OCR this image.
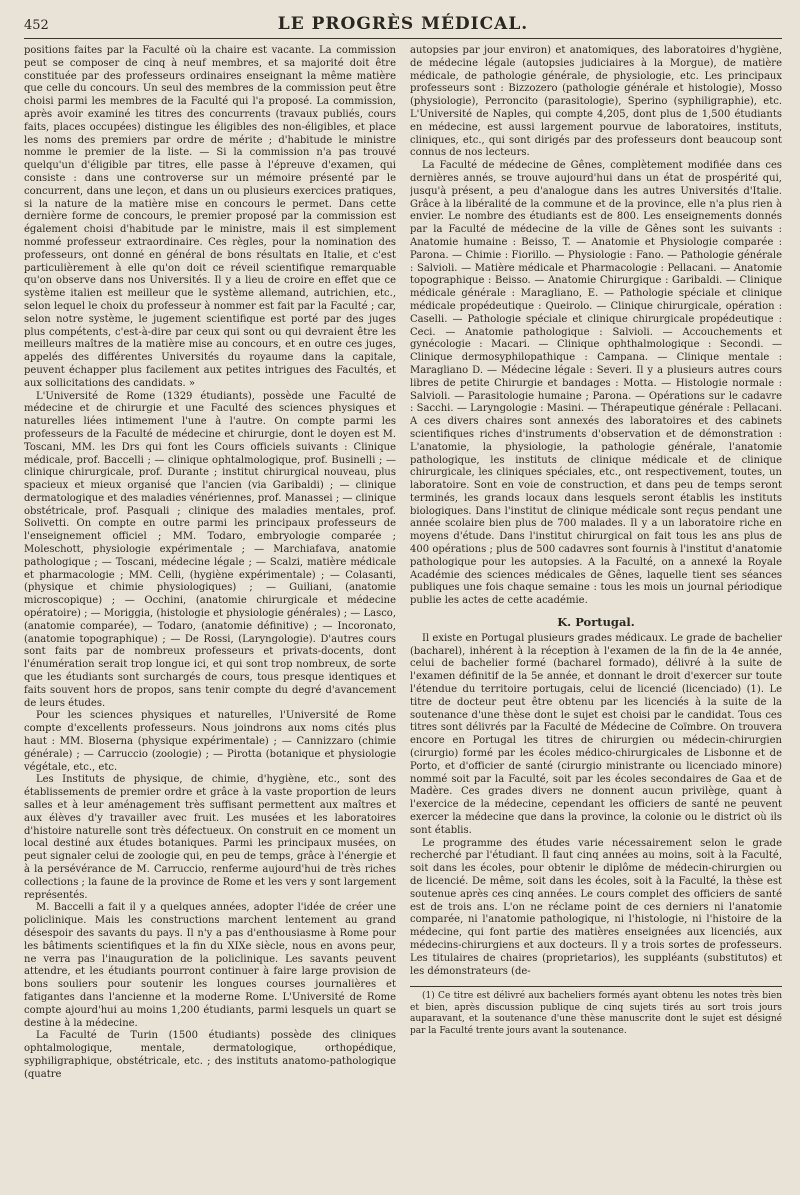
452	LE PROGRÈS MÉDICAL.

positions faites par la Faculté où la chaire est vacante. La commission peut se composer de cinq à neuf membres, et sa majorité doit être constituée par des professeurs ordinaires enseignant la même matière que celle du concours. Un seul des membres de la commission peut être choisi parmi les membres de la Faculté qui l'a proposé. La commission, après avoir examiné les titres des concurrents (travaux publiés, cours faits, places occupées) distingue les éligibles des non-éligibles, et place les noms des premiers par ordre de mérite ; d'habitude le ministre nomme le premier de la liste. — Si la commission n'a pas trouvé quelqu'un d'éligible par titres, elle passe à l'épreuve d'examen, qui consiste : dans une controverse sur un mémoire présenté par le concurrent, dans une leçon, et dans un ou plusieurs exercices pratiques, si la nature de la matière mise en concours le permet. Dans cette dernière forme de concours, le premier proposé par la commission est également choisi d'habitude par le ministre, mais il est simplement nommé professeur extraordinaire. Ces règles, pour la nomination des professeurs, ont donné en général de bons résultats en Italie, et c'est particulièrement à elle qu'on doit ce réveil scientifique remarquable qu'on observe dans nos Universités. Il y a lieu de croire en effet que ce système italien est meilleur que le système allemand, autrichien, etc., selon lequel le choix du professeur à nommer est fait par la Faculté ; car, selon notre système, le jugement scientifique est porté par des juges plus compétents, c'est-à-dire par ceux qui sont ou qui devraient être les meilleurs maîtres de la matière mise au concours, et en outre ces juges, appelés des différentes Universités du royaume dans la capitale, peuvent échapper plus facilement aux petites intrigues des Facultés, et aux sollicitations des candidats. »

L'Université de Rome (1329 étudiants), possède une Faculté de médecine et de chirurgie et une Faculté des sciences physiques et naturelles liées intimement l'une à l'autre. On compte parmi les professeurs de la Faculté de médecine et chirurgie, dont le doyen est M. Toscani, MM. les Drs qui font les Cours officiels suivants : Clinique médicale, prof. Baccelli ; — clinique ophtalmologique, prof. Businelli ; — clinique chirurgicale, prof. Durante ; institut chirurgical nouveau, plus spacieux et mieux organisé que l'ancien (via Garibaldi) ; — clinique dermatologique et des maladies vénériennes, prof. Manassei ; — clinique obstétricale, prof. Pasquali ; clinique des maladies mentales, prof. Solivetti. On compte en outre parmi les principaux professeurs de l'enseignement officiel ; MM. Todaro, embryologie comparée ; Moleschott, physiologie expérimentale ; — Marchiafava, anatomie pathologique ; — Toscani, médecine légale ; — Scalzi, matière médicale et pharmacologie ; MM. Celli, (hygiène expérimentale) ; — Colasanti, (physique et chimie physiologiques) ; — Guiliani, (anatomie microscopique) ; — Occhini, (anatomie chirurgicale et médecine opératoire) ; — Moriggia, (histologie et physiologie générales) ; — Lasco, (anatomie comparée), — Todaro, (anatomie définitive) ; — Incoronato, (anatomie topographique) ; — De Rossi, (Laryngologie). D'autres cours sont faits par de nombreux professeurs et privats-docents, dont l'énumération serait trop longue ici, et qui sont trop nombreux, de sorte que les étudiants sont surchargés de cours, tous presque identiques et faits souvent hors de propos, sans tenir compte du degré d'avancement de leurs études.

Pour les sciences physiques et naturelles, l'Université de Rome compte d'excellents professeurs. Nous joindrons aux noms cités plus haut : MM. Bloserna (physique expérimentale) ; — Cannizzaro (chimie générale) ; — Carruccio (zoologie) ; — Pirotta (botanique et physiologie végétale, etc., etc.

Les Instituts de physique, de chimie, d'hygiène, etc., sont des établissements de premier ordre et grâce à la vaste proportion de leurs salles et à leur aménagement très suffisant permettent aux maîtres et aux élèves d'y travailler avec fruit. Les musées et les laboratoires d'histoire naturelle sont très défectueux. On construit en ce moment un local destiné aux études botaniques. Parmi les principaux musées, on peut signaler celui de zoologie qui, en peu de temps, grâce à l'énergie et à la persévérance de M. Carruccio, renferme aujourd'hui de très riches collections ; la faune de la province de Rome et les vers y sont largement représentés.

M. Baccelli a fait il y a quelques années, adopter l'idée de créer une policlinique. Mais les constructions marchent lentement au grand désespoir des savants du pays. Il n'y a pas d'enthousiasme à Rome pour les bâtiments scientifiques et la fin du XIXe siècle, nous en avons peur, ne verra pas l'inauguration de la policlinique. Les savants peuvent attendre, et les étudiants pourront continuer à faire large provision de bons souliers pour soutenir les longues courses journalières et fatigantes dans l'ancienne et la moderne Rome. L'Université de Rome compte ajourd'hui au moins 1,200 étudiants, parmi lesquels un quart se destine à la médecine.

La Faculté de Turin (1500 étudiants) possède des cliniques ophtalmologique, mentale, dermatologique, orthopédique, syphiligraphique, obstétricale, etc. ; des instituts anatomo-pathologique (quatre

autopsies par jour environ) et anatomiques, des laboratoires d'hygiène, de médecine légale (autopsies judiciaires à la Morgue), de matière médicale, de pathologie générale, de physiologie, etc. Les principaux professeurs sont : Bizzozero (pathologie générale et histologie), Mosso (physiologie), Perroncito (parasitologie), Sperino (syphiligraphie), etc. L'Université de Naples, qui compte 4,205, dont plus de 1,500 étudiants en médecine, est aussi largement pourvue de laboratoires, instituts, cliniques, etc., qui sont dirigés par des professeurs dont beaucoup sont connus de nos lecteurs.

La Faculté de médecine de Gênes, complètement modifiée dans ces dernières annés, se trouve aujourd'hui dans un état de prospérité qui, jusqu'à présent, a peu d'analogue dans les autres Universités d'Italie. Grâce à la libéralité de la commune et de la province, elle n'a plus rien à envier. Le nombre des étudiants est de 800. Les enseignements donnés par la Faculté de médecine de la ville de Gênes sont les suivants : Anatomie humaine : Beisso, T. — Anatomie et Physiologie comparée : Parona. — Chimie : Fiorillo. — Physiologie : Fano. — Pathologie générale : Salvioli. — Matière médicale et Pharmacologie : Pellacani. — Anatomie topographique : Beisso. — Anatomie Chirurgique : Garibaldi. — Clinique médicale générale : Maragliano, E. — Pathologie spéciale et clinique médicale propédeutique : Queirolo. — Clinique chirurgicale, opération : Caselli. — Pathologie spéciale et clinique chirurgicale propédeutique : Ceci. — Anatomie pathologique : Salvioli. — Accouchements et gynécologie : Macari. — Clinique ophthalmologique : Secondi. — Clinique dermosyphilopathique : Campana. — Clinique mentale : Maragliano D. — Médecine légale : Severi. Il y a plusieurs autres cours libres de petite Chirurgie et bandages : Motta. — Histologie normale : Salvioli. — Parasitologie humaine ; Parona. — Opérations sur le cadavre : Sacchi. — Laryngologie : Masini. — Thérapeutique générale : Pellacani. A ces divers chaires sont annexés des laboratoires et des cabinets scientifiques riches d'instruments d'observation et de démonstration : L'anatomie, la physiologie, la pathologie générale, l'anatomie pathologique, les instituts de clinique médicale et de clinique chirurgicale, les cliniques spéciales, etc., ont respectivement, toutes, un laboratoire. Sont en voie de construction, et dans peu de temps seront terminés, les grands locaux dans lesquels seront établis les instituts biologiques. Dans l'institut de clinique médicale sont reçus pendant une année scolaire bien plus de 700 malades. Il y a un laboratoire riche en moyens d'étude. Dans l'institut chirurgical on fait tous les ans plus de 400 opérations ; plus de 500 cadavres sont fournis à l'institut d'anatomie pathologique pour les autopsies. A la Faculté, on a annexé la Royale Académie des sciences médicales de Gênes, laquelle tient ses séances publiques une fois chaque semaine : tous les mois un journal périodique publie les actes de cette académie.

K. Portugal.

Il existe en Portugal plusieurs grades médicaux. Le grade de bachelier (bacharel), inhérent à la réception à l'examen de la fin de la 4e année, celui de bachelier formé (bacharel formado), délivré à la suite de l'examen définitif de la 5e année, et donnant le droit d'exercer sur toute l'étendue du territoire portugais, celui de licencié (licenciado) (1). Le titre de docteur peut être obtenu par les licenciés à la suite de la soutenance d'une thèse dont le sujet est choisi par le candidat. Tous ces titres sont délivrés par la Faculté de Médecine de Coïmbre. On trouvera encore en Portugal les titres de chirurgien ou médecin-chirurgien (cirurgio) formé par les écoles médico-chirurgicales de Lisbonne et de Porto, et d'officier de santé (cirurgio ministrante ou licenciado minore) nommé soit par la Faculté, soit par les écoles secondaires de Gaa et de Madère. Ces grades divers ne donnent aucun privilège, quant à l'exercice de la médecine, cependant les officiers de santé ne peuvent exercer la médecine que dans la province, la colonie ou le district où ils sont établis.

Le programme des études varie nécessairement selon le grade recherché par l'étudiant. Il faut cinq années au moins, soit à la Faculté, soit dans les écoles, pour obtenir le diplôme de médecin-chirurgien ou de licencié. De même, soit dans les écoles, soit à la Faculté, la thèse est soutenue après ces cinq années. Le cours complet des officiers de santé est de trois ans. L'on ne réclame point de ces derniers ni l'anatomie comparée, ni l'anatomie pathologique, ni l'histologie, ni l'histoire de la médecine, qui font partie des matières enseignées aux licenciés, aux médecins-chirurgiens et aux docteurs. Il y a trois sortes de professeurs. Les titulaires de chaires (proprietarios), les suppléants (substitutos) et les démonstrateurs (de-

(1) Ce titre est délivré aux bacheliers formés ayant obtenu les notes très bien et bien, après discussion publique de cinq sujets tirés au sort trois jours auparavant, et la soutenance d'une thèse manuscrite dont le sujet est désigné par la Faculté trente jours avant la soutenance.
